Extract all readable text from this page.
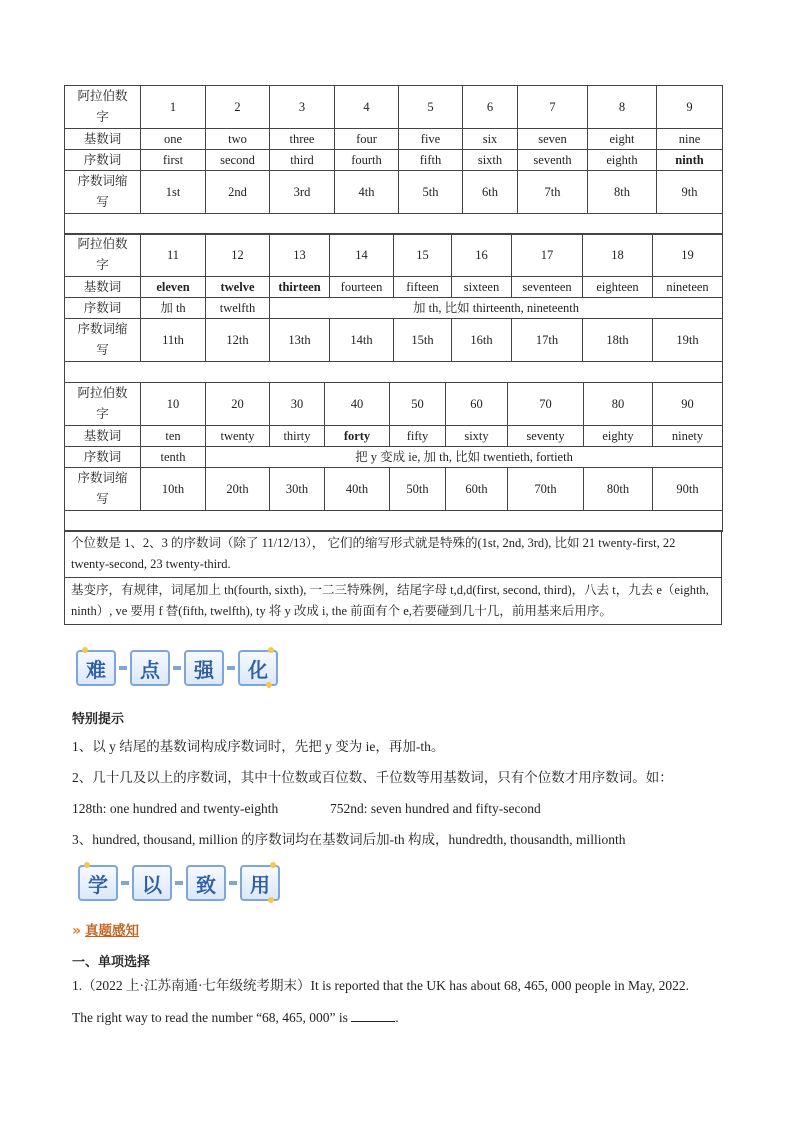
阿拉伯数字	1	2	3	4	5	6	7	8	9
基数词	one	two	three	four	five	six	seven	eight	nine
序数词	first	second	third	fourth	fifth	sixth	seventh	eighth	ninth
序数词缩写	1st	2nd	3rd	4th	5th	6th	7th	8th	9th

阿拉伯数字	11	12	13	14	15	16	17	18	19
基数词	eleven	twelve	thirteen	fourteen	fifteen	sixteen	seventeen	eighteen	nineteen
序数词	加 th	twelfth	加 th, 比如 thirteenth, nineteenth						
序数词缩写	11th	12th	13th	14th	15th	16th	17th	18th	19th

阿拉伯数字	10	20	30	40	50	60	70	80	90
基数词	ten	twenty	thirty	forty	fifty	sixty	seventy	eighty	ninety
序数词	tenth	把 y 变成 ie, 加 th, 比如 twentieth, fortieth							
序数词缩写	10th	20th	30th	40th	50th	60th	70th	80th	90th

个位数是 1、2、3 的序数词（除了 11/12/13）， 它们的缩写形式就是特殊的(1st, 2nd, 3rd), 比如 21 twenty-first, 22 twenty-second, 23 twenty-third.
基变序，有规律，词尾加上 th(fourth, sixth), 一二三特殊例，结尾字母 t,d,d(first, second, third)，八去 t，九去 e（eighth, ninth）, ve 要用 f 替(fifth, twelfth), ty 将 y 改成 i, the 前面有个 e,若要碰到几十几，前用基来后用序。
难 点 强 化
特别提示
1、以 y 结尾的基数词构成序数词时，先把 y 变为 ie，再加-th。
2、几十几及以上的序数词，其中十位数或百位数、千位数等用基数词，只有个位数才用序数词。如：
128th: one hundred and twenty-eighth	752nd: seven hundred and fifty-second
3、hundred, thousand, million 的序数词均在基数词后加-th 构成，hundredth, thousandth, millionth
学 以 致 用
» 真题感知
一、单项选择
1.（2022 上·江苏南通·七年级统考期末）It is reported that the UK has about 68, 465, 000 people in May, 2022.
The right way to read the number “68, 465, 000” is	.
